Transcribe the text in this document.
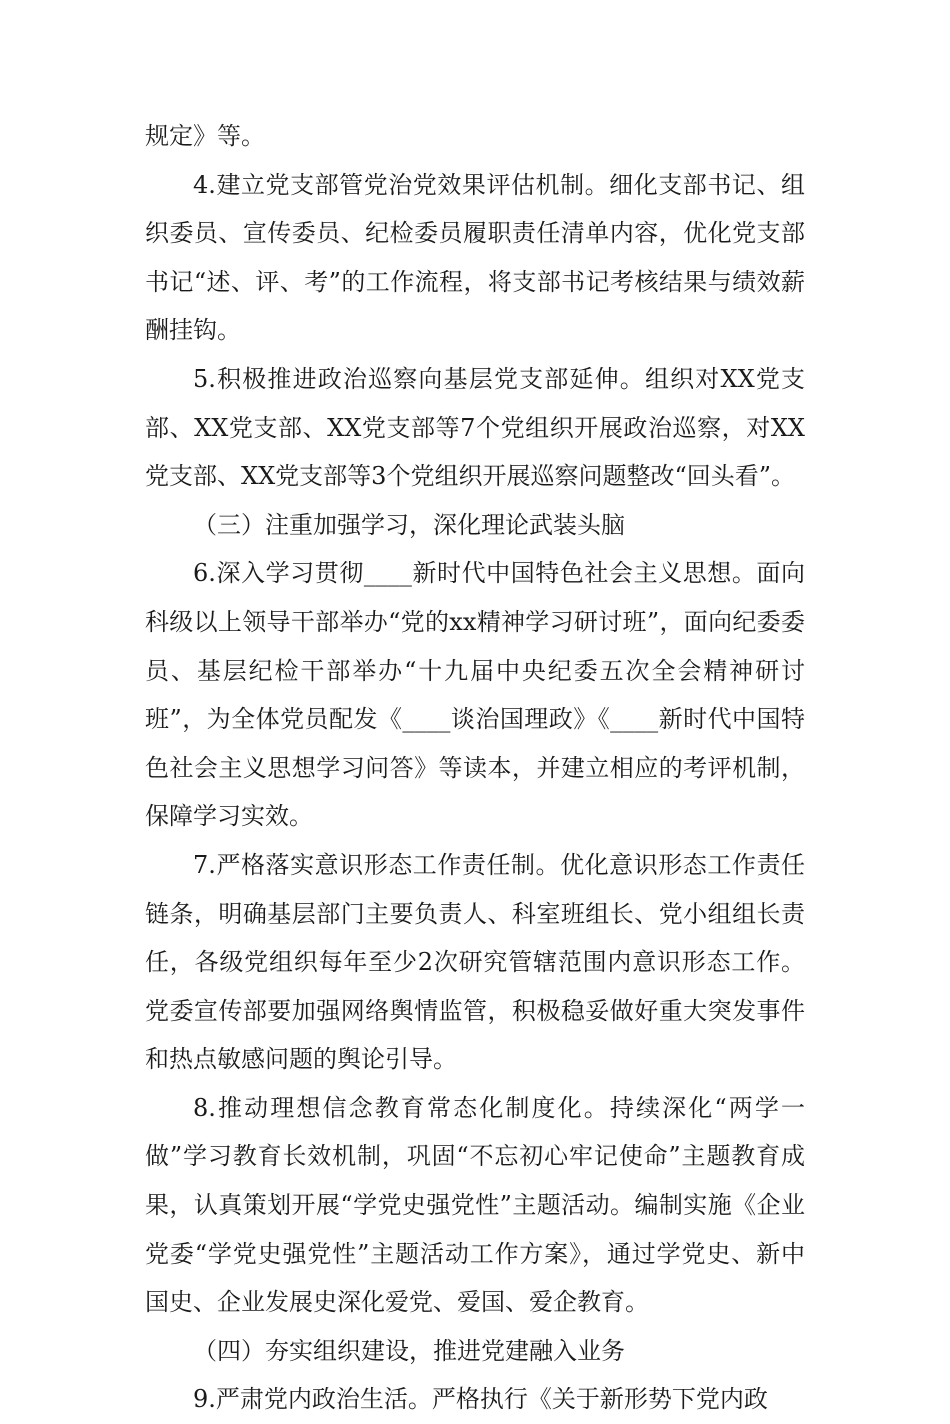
规定》等。

4.建立党支部管党治党效果评估机制。细化支部书记、组织委员、宣传委员、纪检委员履职责任清单内容，优化党支部书记“述、评、考”的工作流程，将支部书记考核结果与绩效薪酬挂钩。

5.积极推进政治巡察向基层党支部延伸。组织对XX党支部、XX党支部、XX党支部等7个党组织开展政治巡察，对XX党支部、XX党支部等3个党组织开展巡察问题整改“回头看”。

（三）注重加强学习，深化理论武装头脑

6.深入学习贯彻____新时代中国特色社会主义思想。面向科级以上领导干部举办“党的xx精神学习研讨班”，面向纪委委员、基层纪检干部举办“十九届中央纪委五次全会精神研讨班”，为全体党员配发《____谈治国理政》《____新时代中国特色社会主义思想学习问答》等读本，并建立相应的考评机制，保障学习实效。

7.严格落实意识形态工作责任制。优化意识形态工作责任链条，明确基层部门主要负责人、科室班组长、党小组组长责任，各级党组织每年至少2次研究管辖范围内意识形态工作。党委宣传部要加强网络舆情监管，积极稳妥做好重大突发事件和热点敏感问题的舆论引导。

8.推动理想信念教育常态化制度化。持续深化“两学一做”学习教育长效机制，巩固“不忘初心牢记使命”主题教育成果，认真策划开展“学党史强党性”主题活动。编制实施《企业党委“学党史强党性”主题活动工作方案》，通过学党史、新中国史、企业发展史深化爱党、爱国、爱企教育。

（四）夯实组织建设，推进党建融入业务

9.严肃党内政治生活。严格执行《关于新形势下党内政
